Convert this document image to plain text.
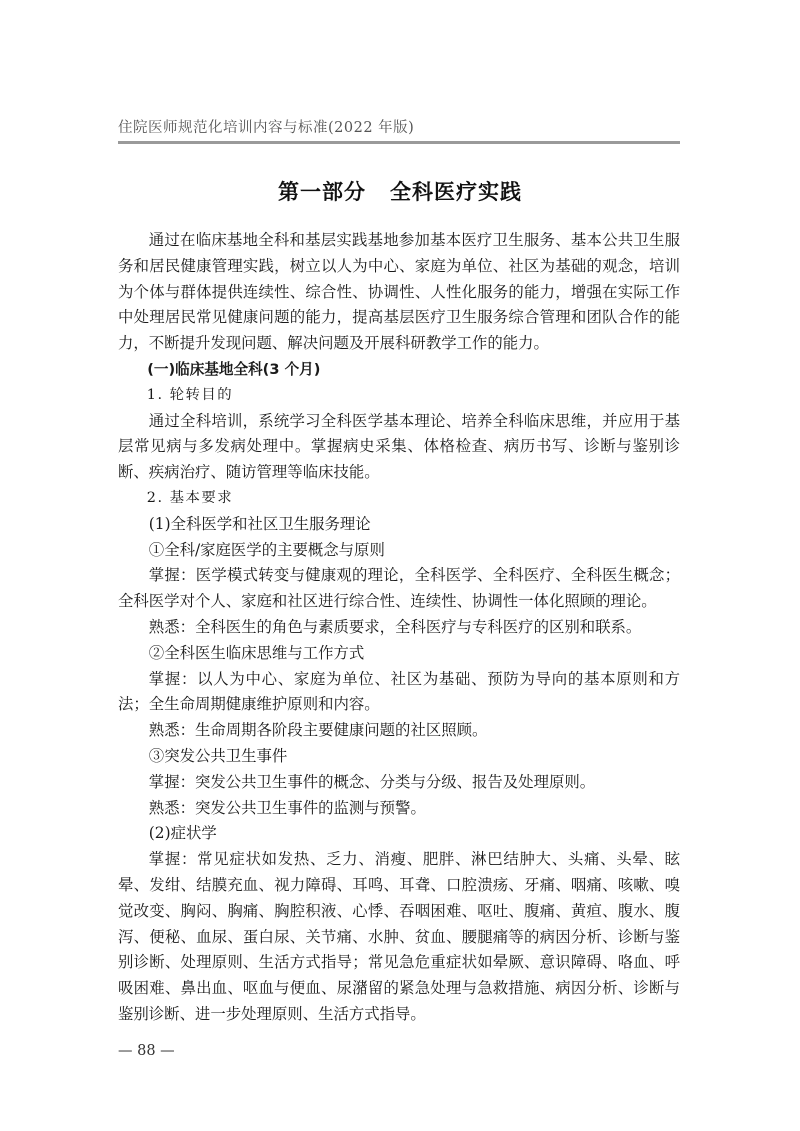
住院医师规范化培训内容与标准(2022 年版)
第一部分 全科医疗实践

通过在临床基地全科和基层实践基地参加基本医疗卫生服务、基本公共卫生服务和居民健康管理实践，树立以人为中心、家庭为单位、社区为基础的观念，培训为个体与群体提供连续性、综合性、协调性、人性化服务的能力，增强在实际工作中处理居民常见健康问题的能力，提高基层医疗卫生服务综合管理和团队合作的能力，不断提升发现问题、解决问题及开展科研教学工作的能力。

(一)临床基地全科(3 个月)

1. 轮转目的

通过全科培训，系统学习全科医学基本理论、培养全科临床思维，并应用于基层常见病与多发病处理中。掌握病史采集、体格检查、病历书写、诊断与鉴别诊断、疾病治疗、随访管理等临床技能。

2. 基本要求

(1)全科医学和社区卫生服务理论

①全科/家庭医学的主要概念与原则

掌握：医学模式转变与健康观的理论，全科医学、全科医疗、全科医生概念；全科医学对个人、家庭和社区进行综合性、连续性、协调性一体化照顾的理论。

熟悉：全科医生的角色与素质要求，全科医疗与专科医疗的区别和联系。

②全科医生临床思维与工作方式

掌握：以人为中心、家庭为单位、社区为基础、预防为导向的基本原则和方法；全生命周期健康维护原则和内容。

熟悉：生命周期各阶段主要健康问题的社区照顾。

③突发公共卫生事件

掌握：突发公共卫生事件的概念、分类与分级、报告及处理原则。

熟悉：突发公共卫生事件的监测与预警。

(2)症状学

掌握：常见症状如发热、乏力、消瘦、肥胖、淋巴结肿大、头痛、头晕、眩晕、发绀、结膜充血、视力障碍、耳鸣、耳聋、口腔溃疡、牙痛、咽痛、咳嗽、嗅觉改变、胸闷、胸痛、胸腔积液、心悸、吞咽困难、呕吐、腹痛、黄疸、腹水、腹泻、便秘、血尿、蛋白尿、关节痛、水肿、贫血、腰腿痛等的病因分析、诊断与鉴别诊断、处理原则、生活方式指导；常见急危重症状如晕厥、意识障碍、咯血、呼吸困难、鼻出血、呕血与便血、尿潴留的紧急处理与急救措施、病因分析、诊断与鉴别诊断、进一步处理原则、生活方式指导。

— 88 —
